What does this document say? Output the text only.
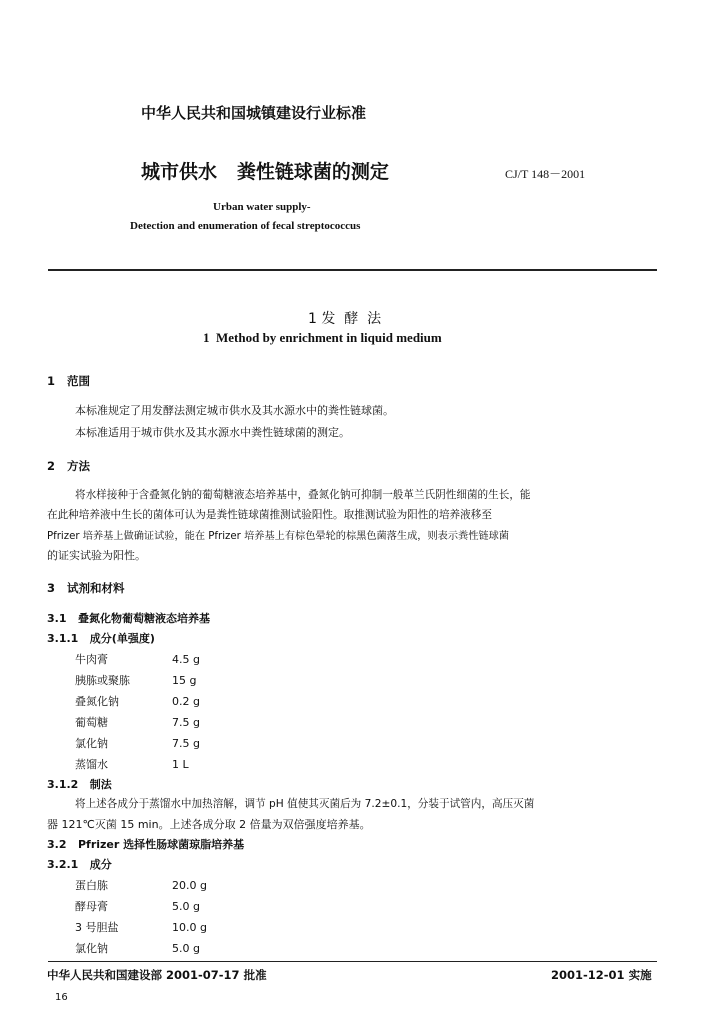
中华人民共和国城镇建设行业标准
城市供水   粪性链球菌的测定	CJ/T 148－2001
Urban water supply-
Detection and enumeration of fecal streptococcus
1 发  酵  法
1  Method by enrichment in liquid medium
1   范围
本标准规定了用发酵法测定城市供水及其水源水中的粪性链球菌。
本标准适用于城市供水及其水源水中粪性链球菌的测定。
2   方法
将水样接种于含叠氮化钠的葡萄糖液态培养基中，叠氮化钠可抑制一般革兰氏阴性细菌的生长，能
在此种培养液中生长的菌体可认为是粪性链球菌推测试验阳性。取推测试验为阳性的培养液移至
Pfrizer 培养基上做确证试验，能在 Pfrizer 培养基上有棕色晕轮的棕黑色菌落生成，则表示粪性链球菌
的证实试验为阳性。
3   试剂和材料
3.1   叠氮化物葡萄糖液态培养基
3.1.1   成分(单强度)
牛肉膏	4.5 g
胰胨或聚胨	15 g
叠氮化钠	0.2 g
葡萄糖	7.5 g
氯化钠	7.5 g
蒸馏水	1 L
3.1.2   制法
将上述各成分于蒸馏水中加热溶解，调节 pH 值使其灭菌后为 7.2±0.1，分装于试管内，高压灭菌
器 121℃灭菌 15 min。上述各成分取 2 倍量为双倍强度培养基。
3.2   Pfrizer 选择性肠球菌琼脂培养基
3.2.1   成分
蛋白胨	20.0 g
酵母膏	5.0 g
3 号胆盐	10.0 g
氯化钠	5.0 g
中华人民共和国建设部 2001-07-17 批准	2001-12-01 实施
16
